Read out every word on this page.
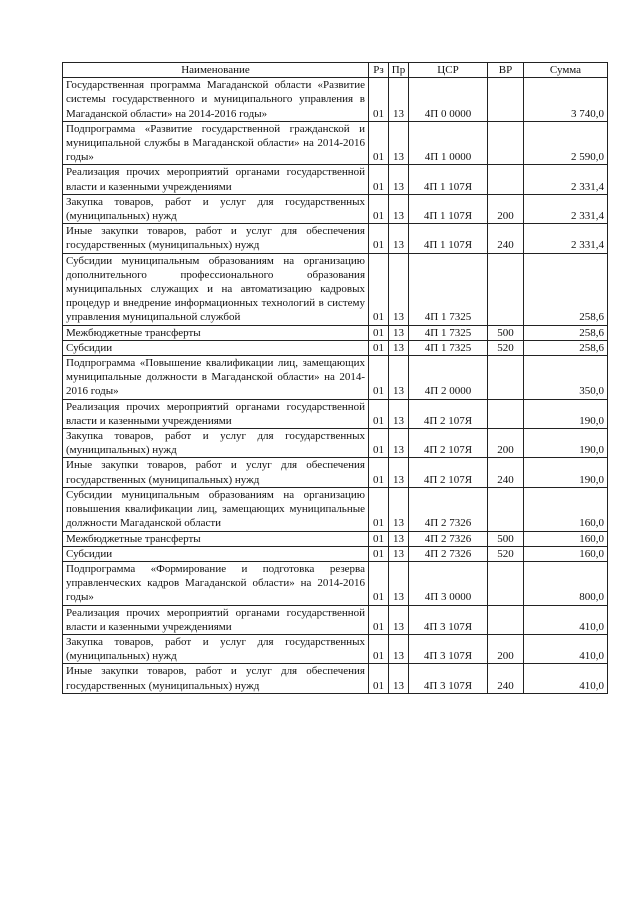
Наименование	Рз	Пр	ЦСР	ВР	Сумма
Государственная программа Магаданской области «Развитие системы государственного и муниципального управления в Магаданской области» на 2014-2016 годы»	01	13	4П 0 0000		3 740,0
Подпрограмма «Развитие государственной гражданской и муниципальной службы в Магаданской области» на 2014-2016 годы»	01	13	4П 1 0000		2 590,0
Реализация прочих мероприятий органами государственной власти и казенными учреждениями	01	13	4П 1 107Я		2 331,4
Закупка товаров, работ и услуг для государственных (муниципальных) нужд	01	13	4П 1 107Я	200	2 331,4
Иные закупки товаров, работ и услуг для обеспечения государственных (муниципальных) нужд	01	13	4П 1 107Я	240	2 331,4
Субсидии муниципальным образованиям на организацию дополнительного профессионального образования муниципальных служащих и на автоматизацию кадровых процедур и внедрение информационных технологий в систему управления муниципальной службой	01	13	4П 1 7325		258,6
Межбюджетные трансферты	01	13	4П 1 7325	500	258,6
Субсидии	01	13	4П 1 7325	520	258,6
Подпрограмма «Повышение квалификации лиц, замещающих муниципальные должности в Магаданской области» на 2014-2016 годы»	01	13	4П 2 0000		350,0
Реализация прочих мероприятий органами государственной власти и казенными учреждениями	01	13	4П 2 107Я		190,0
Закупка товаров, работ и услуг для государственных (муниципальных) нужд	01	13	4П 2 107Я	200	190,0
Иные закупки товаров, работ и услуг для обеспечения государственных (муниципальных) нужд	01	13	4П 2 107Я	240	190,0
Субсидии муниципальным образованиям на организацию повышения квалификации лиц, замещающих муниципальные должности Магаданской области	01	13	4П 2 7326		160,0
Межбюджетные трансферты	01	13	4П 2 7326	500	160,0
Субсидии	01	13	4П 2 7326	520	160,0
Подпрограмма «Формирование и подготовка резерва управленческих кадров Магаданской области» на 2014-2016 годы»	01	13	4П 3 0000		800,0
Реализация прочих мероприятий органами государственной власти и казенными учреждениями	01	13	4П 3 107Я		410,0
Закупка товаров, работ и услуг для государственных (муниципальных) нужд	01	13	4П 3 107Я	200	410,0
Иные закупки товаров, работ и услуг для обеспечения государственных (муниципальных) нужд	01	13	4П 3 107Я	240	410,0
